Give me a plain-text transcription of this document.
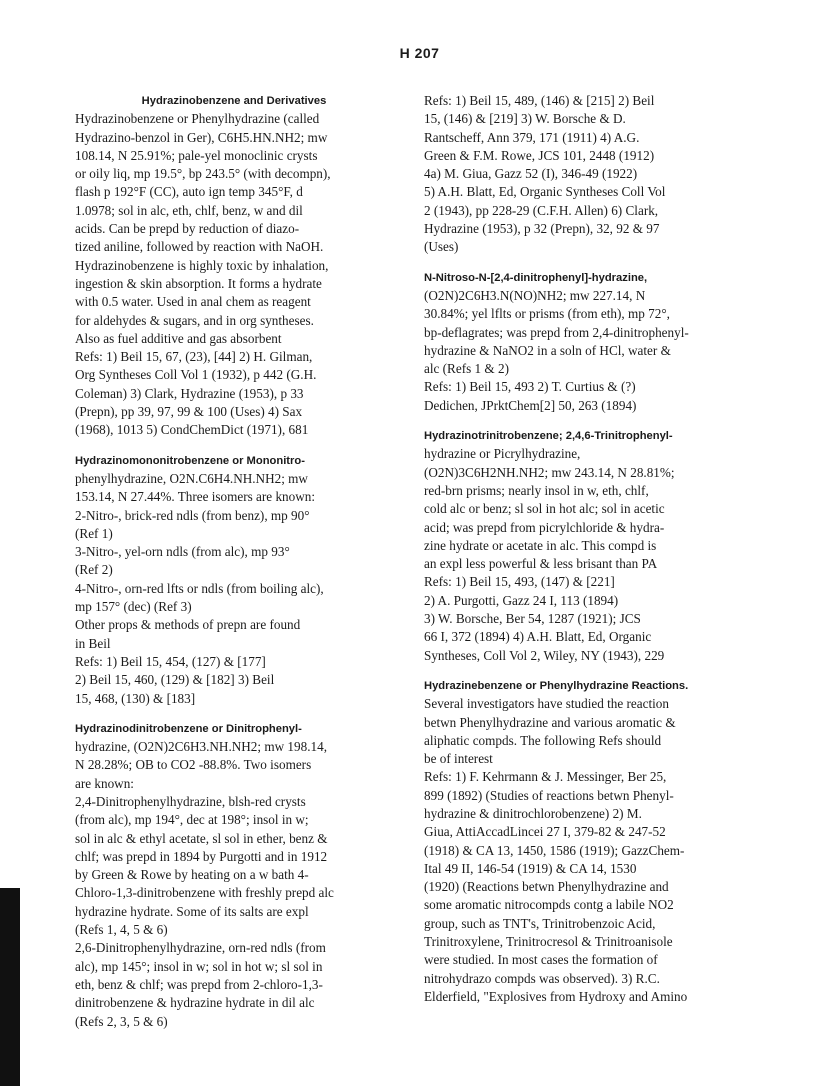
H 207
Hydrazinobenzene and Derivatives
Hydrazinobenzene or Phenylhydrazine (called
Hydrazino-benzol in Ger), C6H5.HN.NH2; mw
108.14, N 25.91%; pale-yel monoclinic crysts
or oily liq, mp 19.5°, bp 243.5° (with decompn),
flash p 192°F (CC), auto ign temp 345°F, d
1.0978; sol in alc, eth, chlf, benz, w and dil
acids. Can be prepd by reduction of diazo-
tized aniline, followed by reaction with NaOH.
Hydrazinobenzene is highly toxic by inhalation,
ingestion & skin absorption. It forms a hydrate
with 0.5 water. Used in anal chem as reagent
for aldehydes & sugars, and in org syntheses.
Also as fuel additive and gas absorbent
Refs: 1) Beil 15, 67, (23), [44] 2) H. Gilman,
Org Syntheses Coll Vol 1 (1932), p 442 (G.H.
Coleman) 3) Clark, Hydrazine (1953), p 33
(Prepn), pp 39, 97, 99 & 100 (Uses) 4) Sax
(1968), 1013 5) CondChemDict (1971), 681
Hydrazinomononitrobenzene or Mononitro-
phenylhydrazine, O2N.C6H4.NH.NH2; mw
153.14, N 27.44%. Three isomers are known:
2-Nitro-, brick-red ndls (from benz), mp 90°
(Ref 1)
3-Nitro-, yel-orn ndls (from alc), mp 93°
(Ref 2)
4-Nitro-, orn-red lfts or ndls (from boiling alc),
mp 157° (dec) (Ref 3)
Other props & methods of prepn are found
in Beil
Refs: 1) Beil 15, 454, (127) & [177]
2) Beil 15, 460, (129) & [182] 3) Beil
15, 468, (130) & [183]
Hydrazinodinitrobenzene or Dinitrophenyl-
hydrazine, (O2N)2C6H3.NH.NH2; mw 198.14,
N 28.28%; OB to CO2 -88.8%. Two isomers
are known:
2,4-Dinitrophenylhydrazine, blsh-red crysts
(from alc), mp 194°, dec at 198°; insol in w;
sol in alc & ethyl acetate, sl sol in ether, benz &
chlf; was prepd in 1894 by Purgotti and in 1912
by Green & Rowe by heating on a w bath 4-
Chloro-1,3-dinitrobenzene with freshly prepd alc
hydrazine hydrate. Some of its salts are expl
(Refs 1, 4, 5 & 6)
2,6-Dinitrophenylhydrazine, orn-red ndls (from
alc), mp 145°; insol in w; sol in hot w; sl sol in
eth, benz & chlf; was prepd from 2-chloro-1,3-
dinitrobenzene & hydrazine hydrate in dil alc
(Refs 2, 3, 5 & 6)
Refs: 1) Beil 15, 489, (146) & [215] 2) Beil
15, (146) & [219] 3) W. Borsche & D.
Rantscheff, Ann 379, 171 (1911) 4) A.G.
Green & F.M. Rowe, JCS 101, 2448 (1912)
4a) M. Giua, Gazz 52 (I), 346-49 (1922)
5) A.H. Blatt, Ed, Organic Syntheses Coll Vol
2 (1943), pp 228-29 (C.F.H. Allen) 6) Clark,
Hydrazine (1953), p 32 (Prepn), 32, 92 & 97
(Uses)
N-Nitroso-N-[2,4-dinitrophenyl]-hydrazine,
(O2N)2C6H3.N(NO)NH2; mw 227.14, N
30.84%; yel lflts or prisms (from eth), mp 72°,
bp-deflagrates; was prepd from 2,4-dinitrophenyl-
hydrazine & NaNO2 in a soln of HCl, water &
alc (Refs 1 & 2)
Refs: 1) Beil 15, 493 2) T. Curtius & (?)
Dedichen, JPrktChem[2] 50, 263 (1894)
Hydrazinotrinitrobenzene; 2,4,6-Trinitrophenyl-
hydrazine or Picrylhydrazine,
(O2N)3C6H2NH.NH2; mw 243.14, N 28.81%;
red-brn prisms; nearly insol in w, eth, chlf,
cold alc or benz; sl sol in hot alc; sol in acetic
acid; was prepd from picrylchloride & hydra-
zine hydrate or acetate in alc. This compd is
an expl less powerful & less brisant than PA
Refs: 1) Beil 15, 493, (147) & [221]
2) A. Purgotti, Gazz 24 I, 113 (1894)
3) W. Borsche, Ber 54, 1287 (1921); JCS
66 I, 372 (1894) 4) A.H. Blatt, Ed, Organic
Syntheses, Coll Vol 2, Wiley, NY (1943), 229
Hydrazinebenzene or Phenylhydrazine Reactions.
Several investigators have studied the reaction
betwn Phenylhydrazine and various aromatic &
aliphatic compds. The following Refs should
be of interest
Refs: 1) F. Kehrmann & J. Messinger, Ber 25,
899 (1892) (Studies of reactions betwn Phenyl-
hydrazine & dinitrochlorobenzene) 2) M.
Giua, AttiAccadLincei 27 I, 379-82 & 247-52
(1918) & CA 13, 1450, 1586 (1919); GazzChem-
Ital 49 II, 146-54 (1919) & CA 14, 1530
(1920) (Reactions betwn Phenylhydrazine and
some aromatic nitrocompds contg a labile NO2
group, such as TNT's, Trinitrobenzoic Acid,
Trinitroxylene, Trinitrocresol & Trinitroanisole
were studied. In most cases the formation of
nitrohydrazo compds was observed). 3) R.C.
Elderfield, "Explosives from Hydroxy and Amino
